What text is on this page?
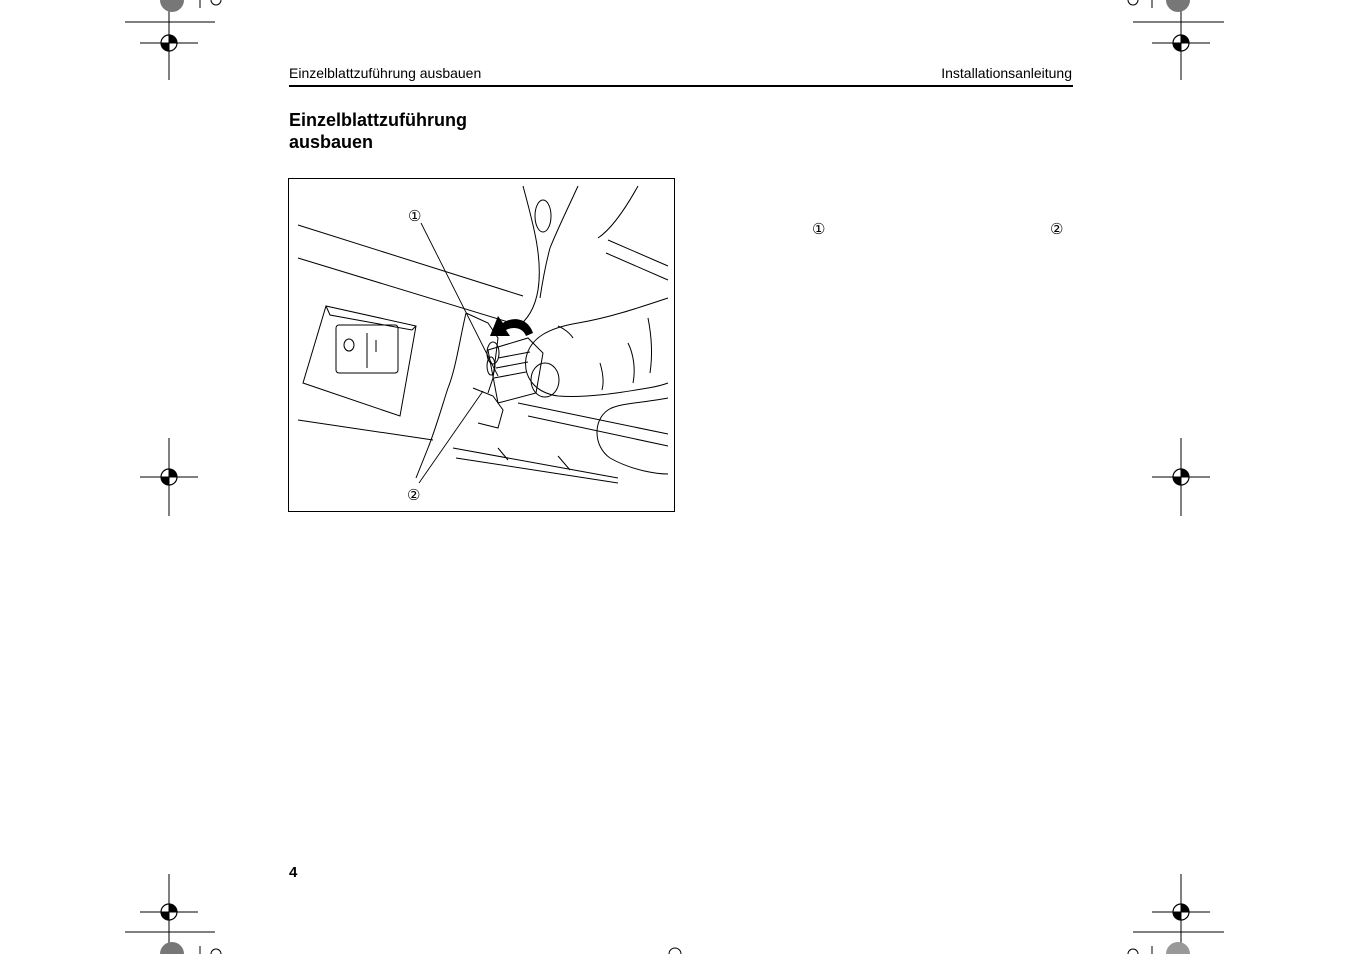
Einzelblattzuführung ausbauen	Installationsanleitung
Einzelblattzuführung
ausbauen
①
②
①	②
4
